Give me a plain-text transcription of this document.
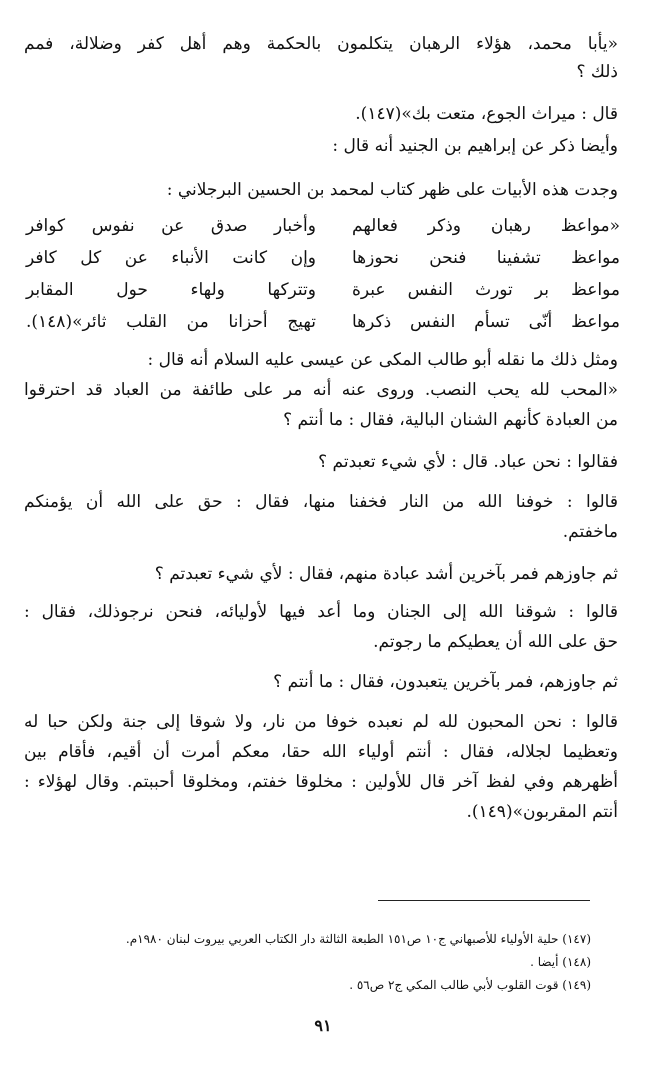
«يأبا محمد، هؤلاء الرهبان يتكلمون بالحكمة وهم أهل كفر وضلالة، فمم
ذلك ؟
قال : ميراث الجوع، متعت بك»(١٤٧).
وأيضا ذكر عن إبراهيم بن الجنيد أنه قال :
وجدت هذه الأبيات على ظهر كتاب لمحمد بن الحسين البرجلاني :
«مواعظ رهبان وذكر فعالهم
وأخبار صدق عن نفوس كوافر
مواعظ تشفينا فنحن نحوزها
وإن كانت الأنباء عن كل كافر
مواعظ بر تورث النفس عبرة
وتتركها ولهاء حول المقابر
مواعظ أنّى تسأم النفس ذكرها
تهيج أحزانا من القلب ثائر»(١٤٨).
ومثل ذلك ما نقله أبو طالب المكى عن عيسى عليه السلام أنه قال :
«المحب لله يحب النصب. وروى عنه أنه مر على طائفة من العباد قد احترقوا
من العبادة كأنهم الشنان البالية، فقال : ما أنتم ؟
فقالوا : نحن عباد. قال : لأي شيء تعبدتم ؟
قالوا : خوفنا الله من النار فخفنا منها، فقال : حق على الله أن يؤمنكم
ماخفتم.
ثم جاوزهم فمر بآخرين أشد عبادة منهم، فقال : لأي شيء تعبدتم ؟
قالوا : شوقنا الله إلى الجنان وما أعد فيها لأوليائه، فنحن نرجوذلك، فقال :
حق على الله أن يعطيكم ما رجوتم.
ثم جاوزهم، فمر بآخرين يتعبدون، فقال : ما أنتم ؟
قالوا : نحن المحبون لله لم نعبده خوفا من نار، ولا شوقا إلى جنة ولكن حبا له
وتعظيما لجلاله، فقال : أنتم أولياء الله حقا، معكم أمرت أن أقيم، فأقام بين
أظهرهم وفي لفظ آخر قال للأولين : مخلوقا خفتم، ومخلوقا أحببتم. وقال لهؤلاء :
أنتم المقربون»(١٤٩).
(١٤٧) حلية الأولياء للأصبهاني ج١٠ ص١٥١ الطبعة الثالثة دار الكتاب العربي بيروت لبنان ١٩٨٠م.
(١٤٨) أيضا .
(١٤٩) قوت القلوب لأبي طالب المكي ج٢ ص٥٦ .
٩١
